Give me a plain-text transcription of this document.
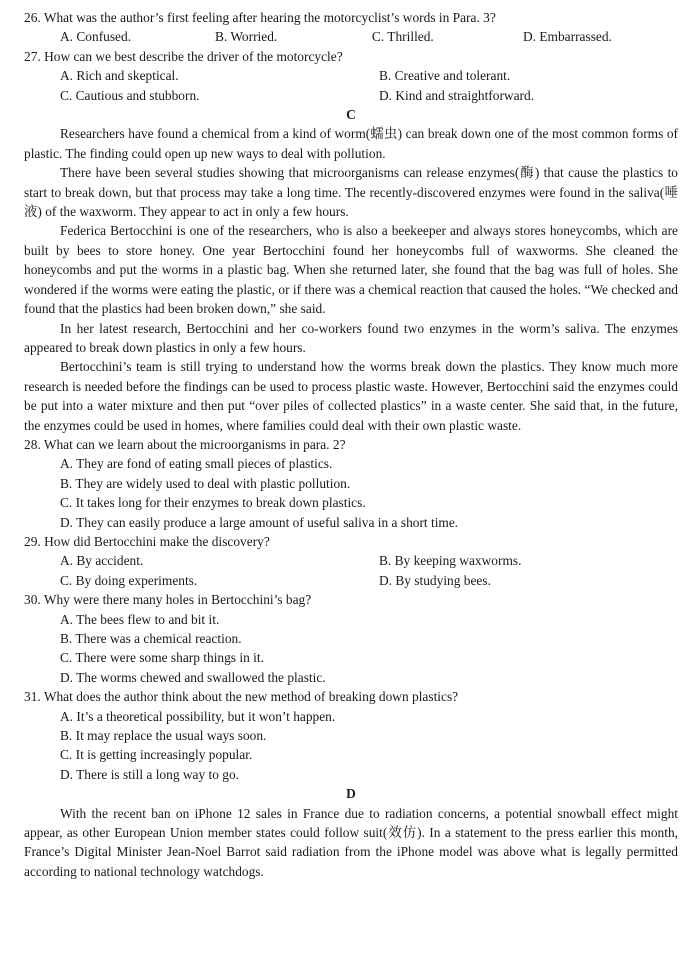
26. What was the author’s first feeling after hearing the motorcyclist’s words in Para. 3?
A. Confused.	B. Worried.	C. Thrilled.	D. Embarrassed.
27. How can we best describe the driver of the motorcycle?
A. Rich and skeptical.	B. Creative and tolerant.
C. Cautious and stubborn.	D. Kind and straightforward.
C

Researchers have found a chemical from a kind of worm(蠕虫) can break down one of the most common forms of plastic. The finding could open up new ways to deal with pollution.

There have been several studies showing that microorganisms can release enzymes(酶) that cause the plastics to start to break down, but that process may take a long time. The recently-discovered enzymes were found in the saliva(唾液) of the waxworm. They appear to act in only a few hours.

Federica Bertocchini is one of the researchers, who is also a beekeeper and always stores honeycombs, which are built by bees to store honey. One year Bertocchini found her honeycombs full of waxworms. She cleaned the honeycombs and put the worms in a plastic bag. When she returned later, she found that the bag was full of holes. She wondered if the worms were eating the plastic, or if there was a chemical reaction that caused the holes. “We checked and found that the plastics had been broken down,” she said.

In her latest research, Bertocchini and her co-workers found two enzymes in the worm’s saliva. The enzymes appeared to break down plastics in only a few hours.

Bertocchini’s team is still trying to understand how the worms break down the plastics. They know much more research is needed before the findings can be used to process plastic waste. However, Bertocchini said the enzymes could be put into a water mixture and then put “over piles of collected plastics” in a waste center. She said that, in the future, the enzymes could be used in homes, where families could deal with their own plastic waste.

28. What can we learn about the microorganisms in para. 2?
A. They are fond of eating small pieces of plastics.
B. They are widely used to deal with plastic pollution.
C. It takes long for their enzymes to break down plastics.
D. They can easily produce a large amount of useful saliva in a short time.
29. How did Bertocchini make the discovery?
A. By accident.	B. By keeping waxworms.
C. By doing experiments.	D. By studying bees.
30. Why were there many holes in Bertocchini’s bag?
A. The bees flew to and bit it.
B. There was a chemical reaction.
C. There were some sharp things in it.
D. The worms chewed and swallowed the plastic.
31. What does the author think about the new method of breaking down plastics?
A. It’s a theoretical possibility, but it won’t happen.
B. It may replace the usual ways soon.
C. It is getting increasingly popular.
D. There is still a long way to go.
D

With the recent ban on iPhone 12 sales in France due to radiation concerns, a potential snowball effect might appear, as other European Union member states could follow suit(效仿). In a statement to the press earlier this month, France’s Digital Minister Jean-Noel Barrot said radiation from the iPhone model was above what is legally permitted according to national technology watchdogs.
